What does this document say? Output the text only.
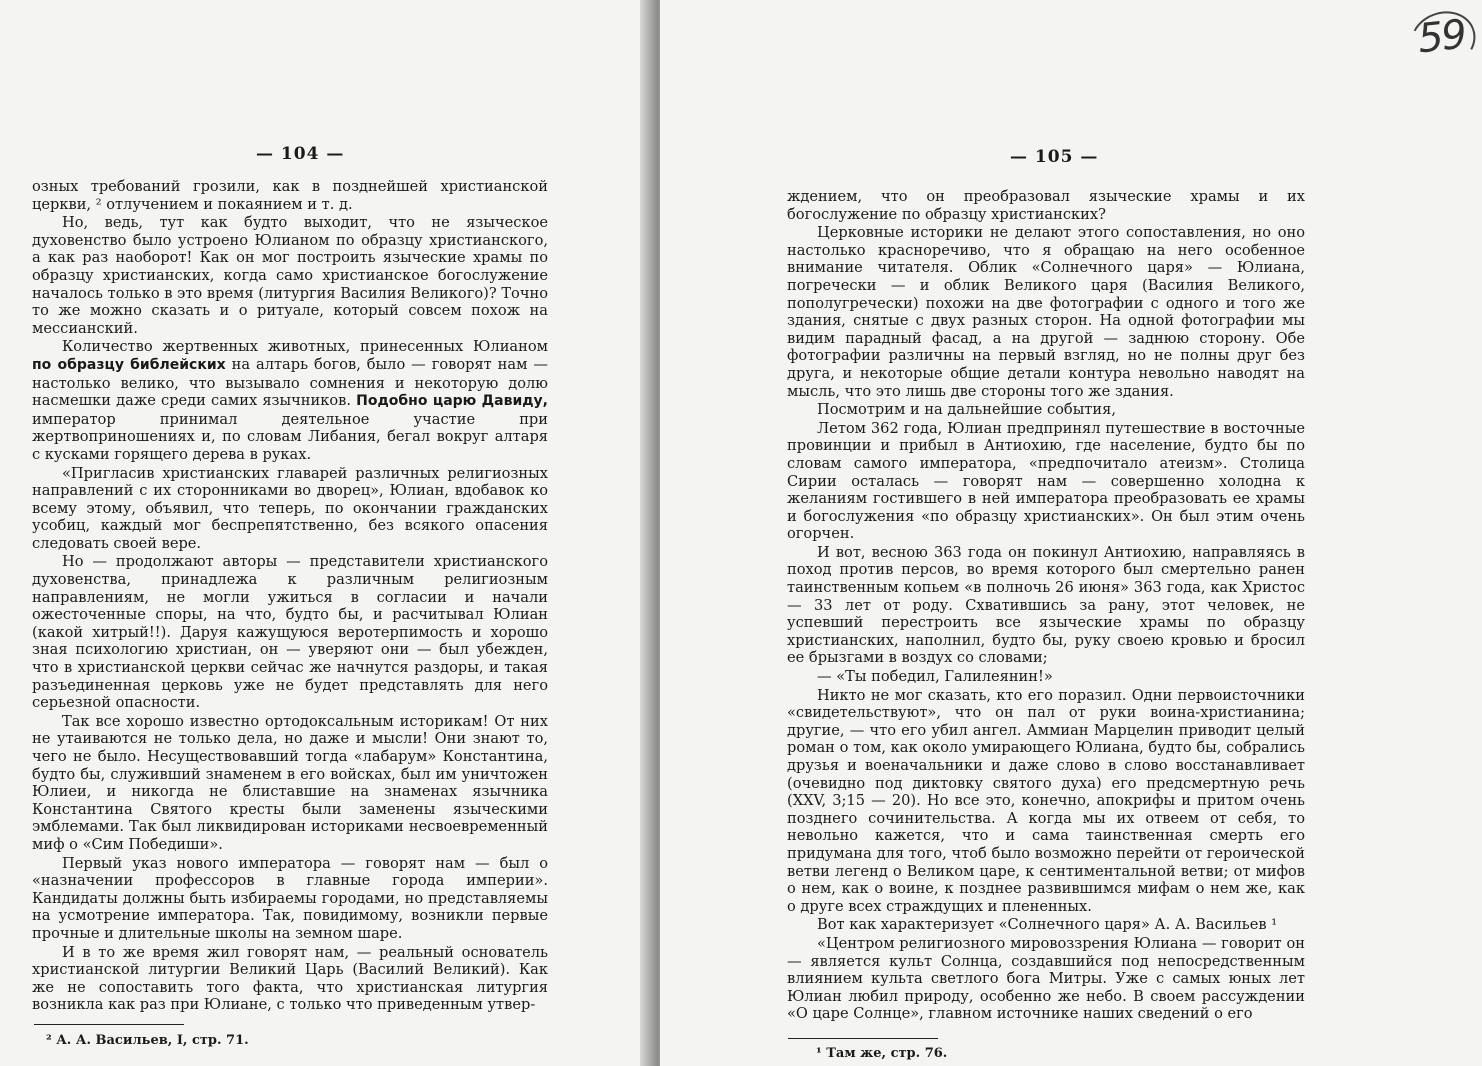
— 104 —

озных требований грозили, как в позднейшей христианской церкви, ² отлучением и покаянием и т. д.

Но, ведь, тут как будто выходит, что не языческое духовенство было устроено Юлианом по образцу христианского, а как раз наоборот! Как он мог построить языческие храмы по образцу христианских, когда само христианское богослужение началось только в это время (литургия Василия Великого)? Точно то же можно сказать и о ритуале, который совсем похож на мессианский.

Количество жертвенных животных, принесенных Юлианом по образцу библейских на алтарь богов, было — говорят нам — настолько велико, что вызывало сомнения и некоторую долю насмешки даже среди самих язычников. Подобно царю Давиду, император принимал деятельное участие при жертвоприношениях и, по словам Либания, бегал вокруг алтаря с кусками горящего дерева в руках.

«Пригласив христианских главарей различных религиозных направлений с их сторонниками во дворец», Юлиан, вдобавок ко всему этому, объявил, что теперь, по окончании гражданских усобиц, каждый мог беспрепятственно, без всякого опасения следовать своей вере.

Но — продолжают авторы — представители христианского духовенства, принадлежа к различным религиозным направлениям, не могли ужиться в согласии и начали ожесточенные споры, на что, будто бы, и расчитывал Юлиан (какой хитрый!!). Даруя кажущуюся веротерпимость и хорошо зная психологию христиан, он — уверяют они — был убежден, что в христианской церкви сейчас же начнутся раздоры, и такая разъединенная церковь уже не будет представлять для него серьезной опасности.

Так все хорошо известно ортодоксальным историкам! От них не утаиваются не только дела, но даже и мысли! Они знают то, чего не было. Несуществовавший тогда «лабарум» Константина, будто бы, служивший знаменем в его войсках, был им уничтожен Юлиеи, и никогда не блиставшие на знаменах язычника Константина Святого кресты были заменены языческими эмблемами. Так был ликвидирован историками несвоевременный миф о «Сим Победиши».

Первый указ нового императора — говорят нам — был о «назначении профессоров в главные города империи». Кандидаты должны быть избираемы городами, но представляемы на усмотрение императора. Так, повидимому, возникли первые прочные и длительные школы на земном шаре.

И в то же время жил говорят нам, — реальный основатель христианской литургии Великий Царь (Василий Великий). Как же не сопоставить того факта, что христианская литургия возникла как раз при Юлиане, с только что приведенным утвер-

² А. А. Васильев, I, стр. 71.
— 105 —

ждением, что он преобразовал языческие храмы и их богослужение по образцу христианских?

Церковные историки не делают этого сопоставления, но оно настолько красноречиво, что я обращаю на него особенное внимание читателя. Облик «Солнечного царя» — Юлиана, погречески — и облик Великого царя (Василия Великого, пополугречески) похожи на две фотографии с одного и того же здания, снятые с двух разных сторон. На одной фотографии мы видим парадный фасад, а на другой — заднюю сторону. Обе фотографии различны на первый взгляд, но не полны друг без друга, и некоторые общие детали контура невольно наводят на мысль, что это лишь две стороны того же здания.

Посмотрим и на дальнейшие события,

Летом 362 года, Юлиан предпринял путешествие в восточные провинции и прибыл в Антиохию, где население, будто бы по словам самого императора, «предпочитало атеизм». Столица Сирии осталась — говорят нам — совершенно холодна к желаниям гостившего в ней императора преобразовать ее храмы и богослужения «по образцу христианских». Он был этим очень огорчен.

И вот, весною 363 года он покинул Антиохию, направляясь в поход против персов, во время которого был смертельно ранен таинственным копьем «в полночь 26 июня» 363 года, как Христос — 33 лет от роду. Схватившись за рану, этот человек, не успевший перестроить все языческие храмы по образцу христианских, наполнил, будто бы, руку своею кровью и бросил ее брызгами в воздух со словами;

— «Ты победил, Галилеянин!»

Никто не мог сказать, кто его поразил. Одни первоисточники «свидетельствуют», что он пал от руки воина-христианина; другие, — что его убил ангел. Аммиан Марцелин приводит целый роман о том, как около умирающего Юлиана, будто бы, собрались друзья и военачальники и даже слово в слово восстанавливает (очевидно под диктовку святого духа) его предсмертную речь (XXV, 3;15 — 20). Но все это, конечно, апокрифы и притом очень позднего сочинительства. А когда мы их отвеем от себя, то невольно кажется, что и сама таинственная смерть его придумана для того, чтоб было возможно перейти от героической ветви легенд о Великом царе, к сентиментальной ветви; от мифов о нем, как о воине, к позднее развившимся мифам о нем же, как о друге всех страждущих и плененных.

Вот как характеризует «Солнечного царя» А. А. Васильев ¹

«Центром религиозного мировоззрения Юлиана — говорит он — является культ Солнца, создавшийся под непосредственным влиянием культа светлого бога Митры. Уже с самых юных лет Юлиан любил природу, особенно же небо. В своем рассуждении «О царе Солнце», главном источнике наших сведений о его

¹ Там же, стр. 76.
59
